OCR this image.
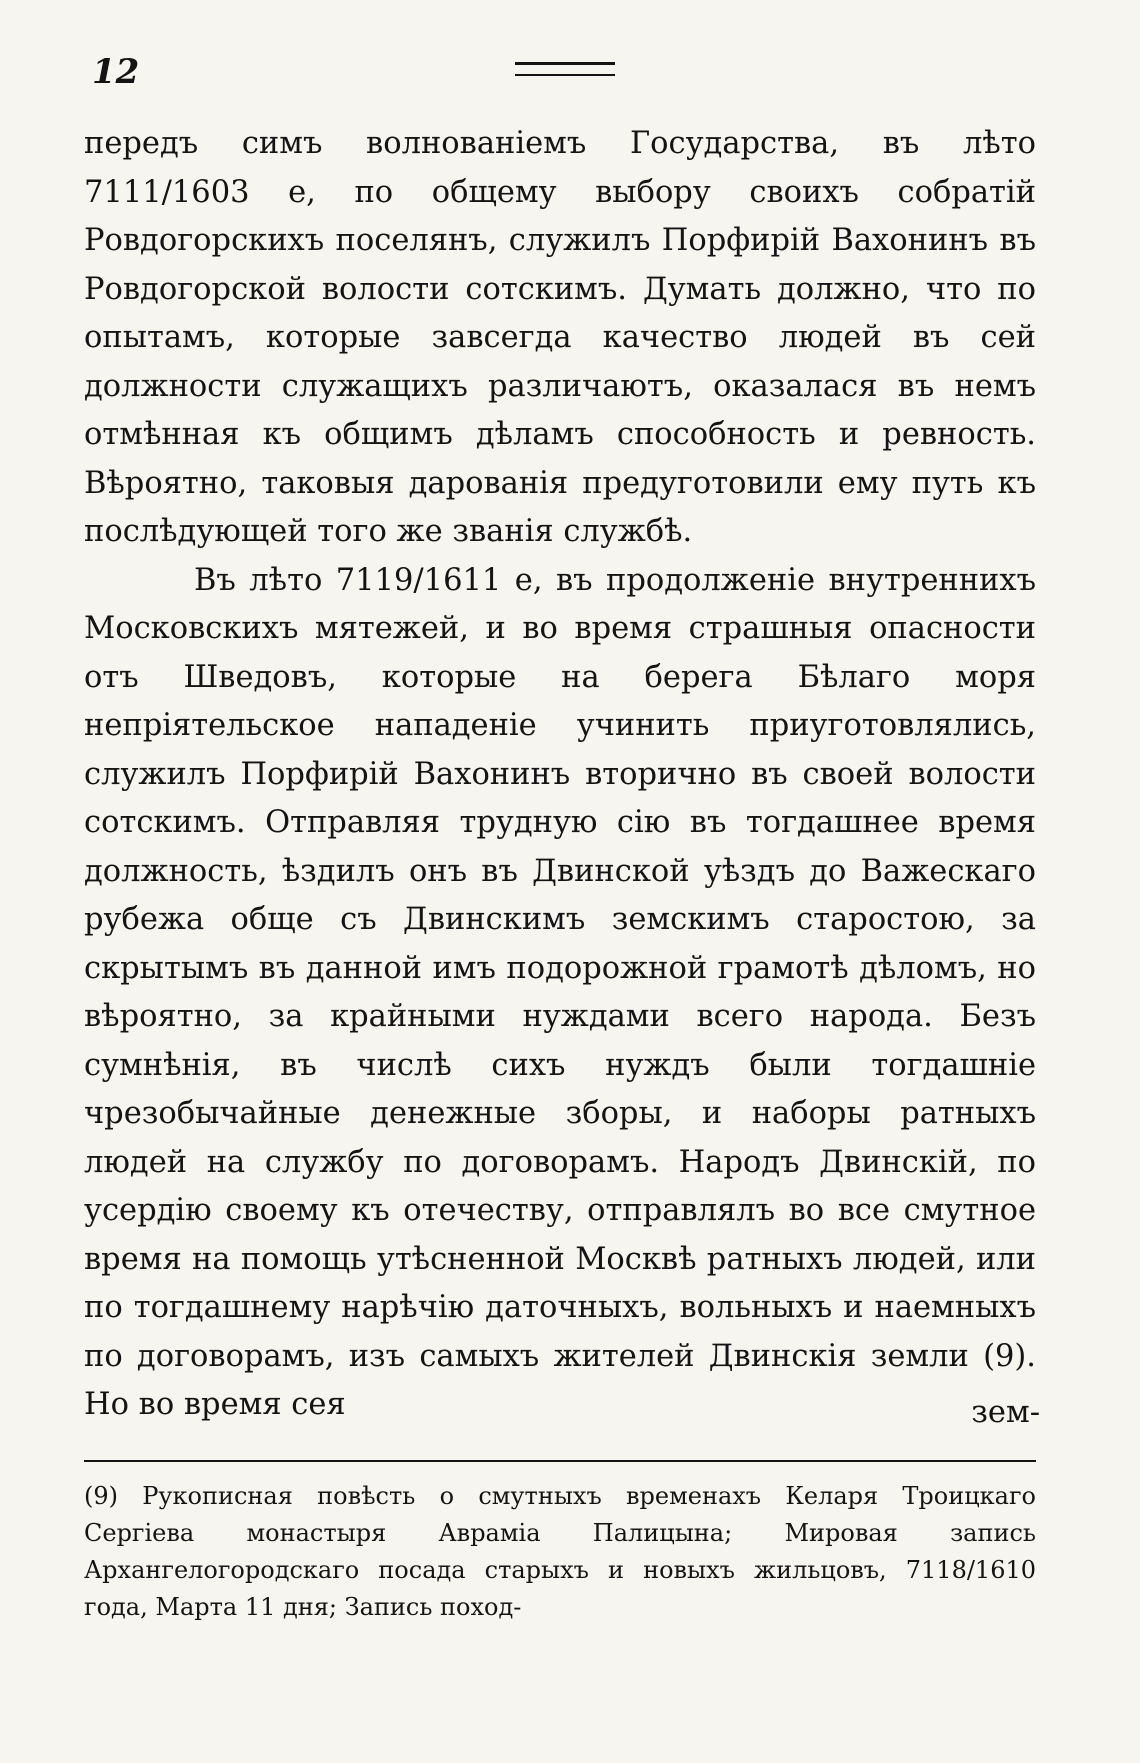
12

передъ симъ волнованіемъ Государства, въ лѣто 7111/1603 е, по общему выбору своихъ собратій Ровдогорскихъ поселянъ, служилъ Порфирій Вахонинъ въ Ровдогорской волости сотскимъ. Думать должно, что по опытамъ, которые завсегда качество людей въ сей должности служащихъ различаютъ, оказалася въ немъ отмѣнная къ общимъ дѣламъ способность и ревность. Вѣроятно, таковыя дарованія предуготовили ему путь къ послѣдующей того же званія службѣ.

Въ лѣто 7119/1611 е, въ продолженіе внутреннихъ Московскихъ мятежей, и во время страшныя опасности отъ Шведовъ, которые на берега Бѣлаго моря непріятельское нападеніе учинить приуготовлялись, служилъ Порфирій Вахонинъ вторично въ своей волости сотскимъ. Отправляя трудную сію въ тогдашнее время должность, ѣздилъ онъ въ Двинской уѣздъ до Важескаго рубежа обще съ Двинскимъ земскимъ старостою, за скрытымъ въ данной имъ подорожной грамотѣ дѣломъ, но вѣроятно, за крайными нуждами всего народа. Безъ сумнѣнія, въ числѣ сихъ нуждъ были тогдашніе чрезобычайные денежные зборы, и наборы ратныхъ людей на службу по договорамъ. Народъ Двинскій, по усердію своему къ отечеству, отправлялъ во все смутное время на помощь утѣсненной Москвѣ ратныхъ людей, или по тогдашнему нарѣчію даточныхъ, вольныхъ и наемныхъ по договорамъ, изъ самыхъ жителей Двинскія земли (9). Но во время сея	зем-
(9) Рукописная повѣсть о смутныхъ временахъ Келаря Троицкаго Сергіева монастыря Авраміа Палицына; Мировая запись Архангелогородскаго посада старыхъ и новыхъ жильцовъ, 7118/1610 года, Марта 11 дня; Запись поход-
